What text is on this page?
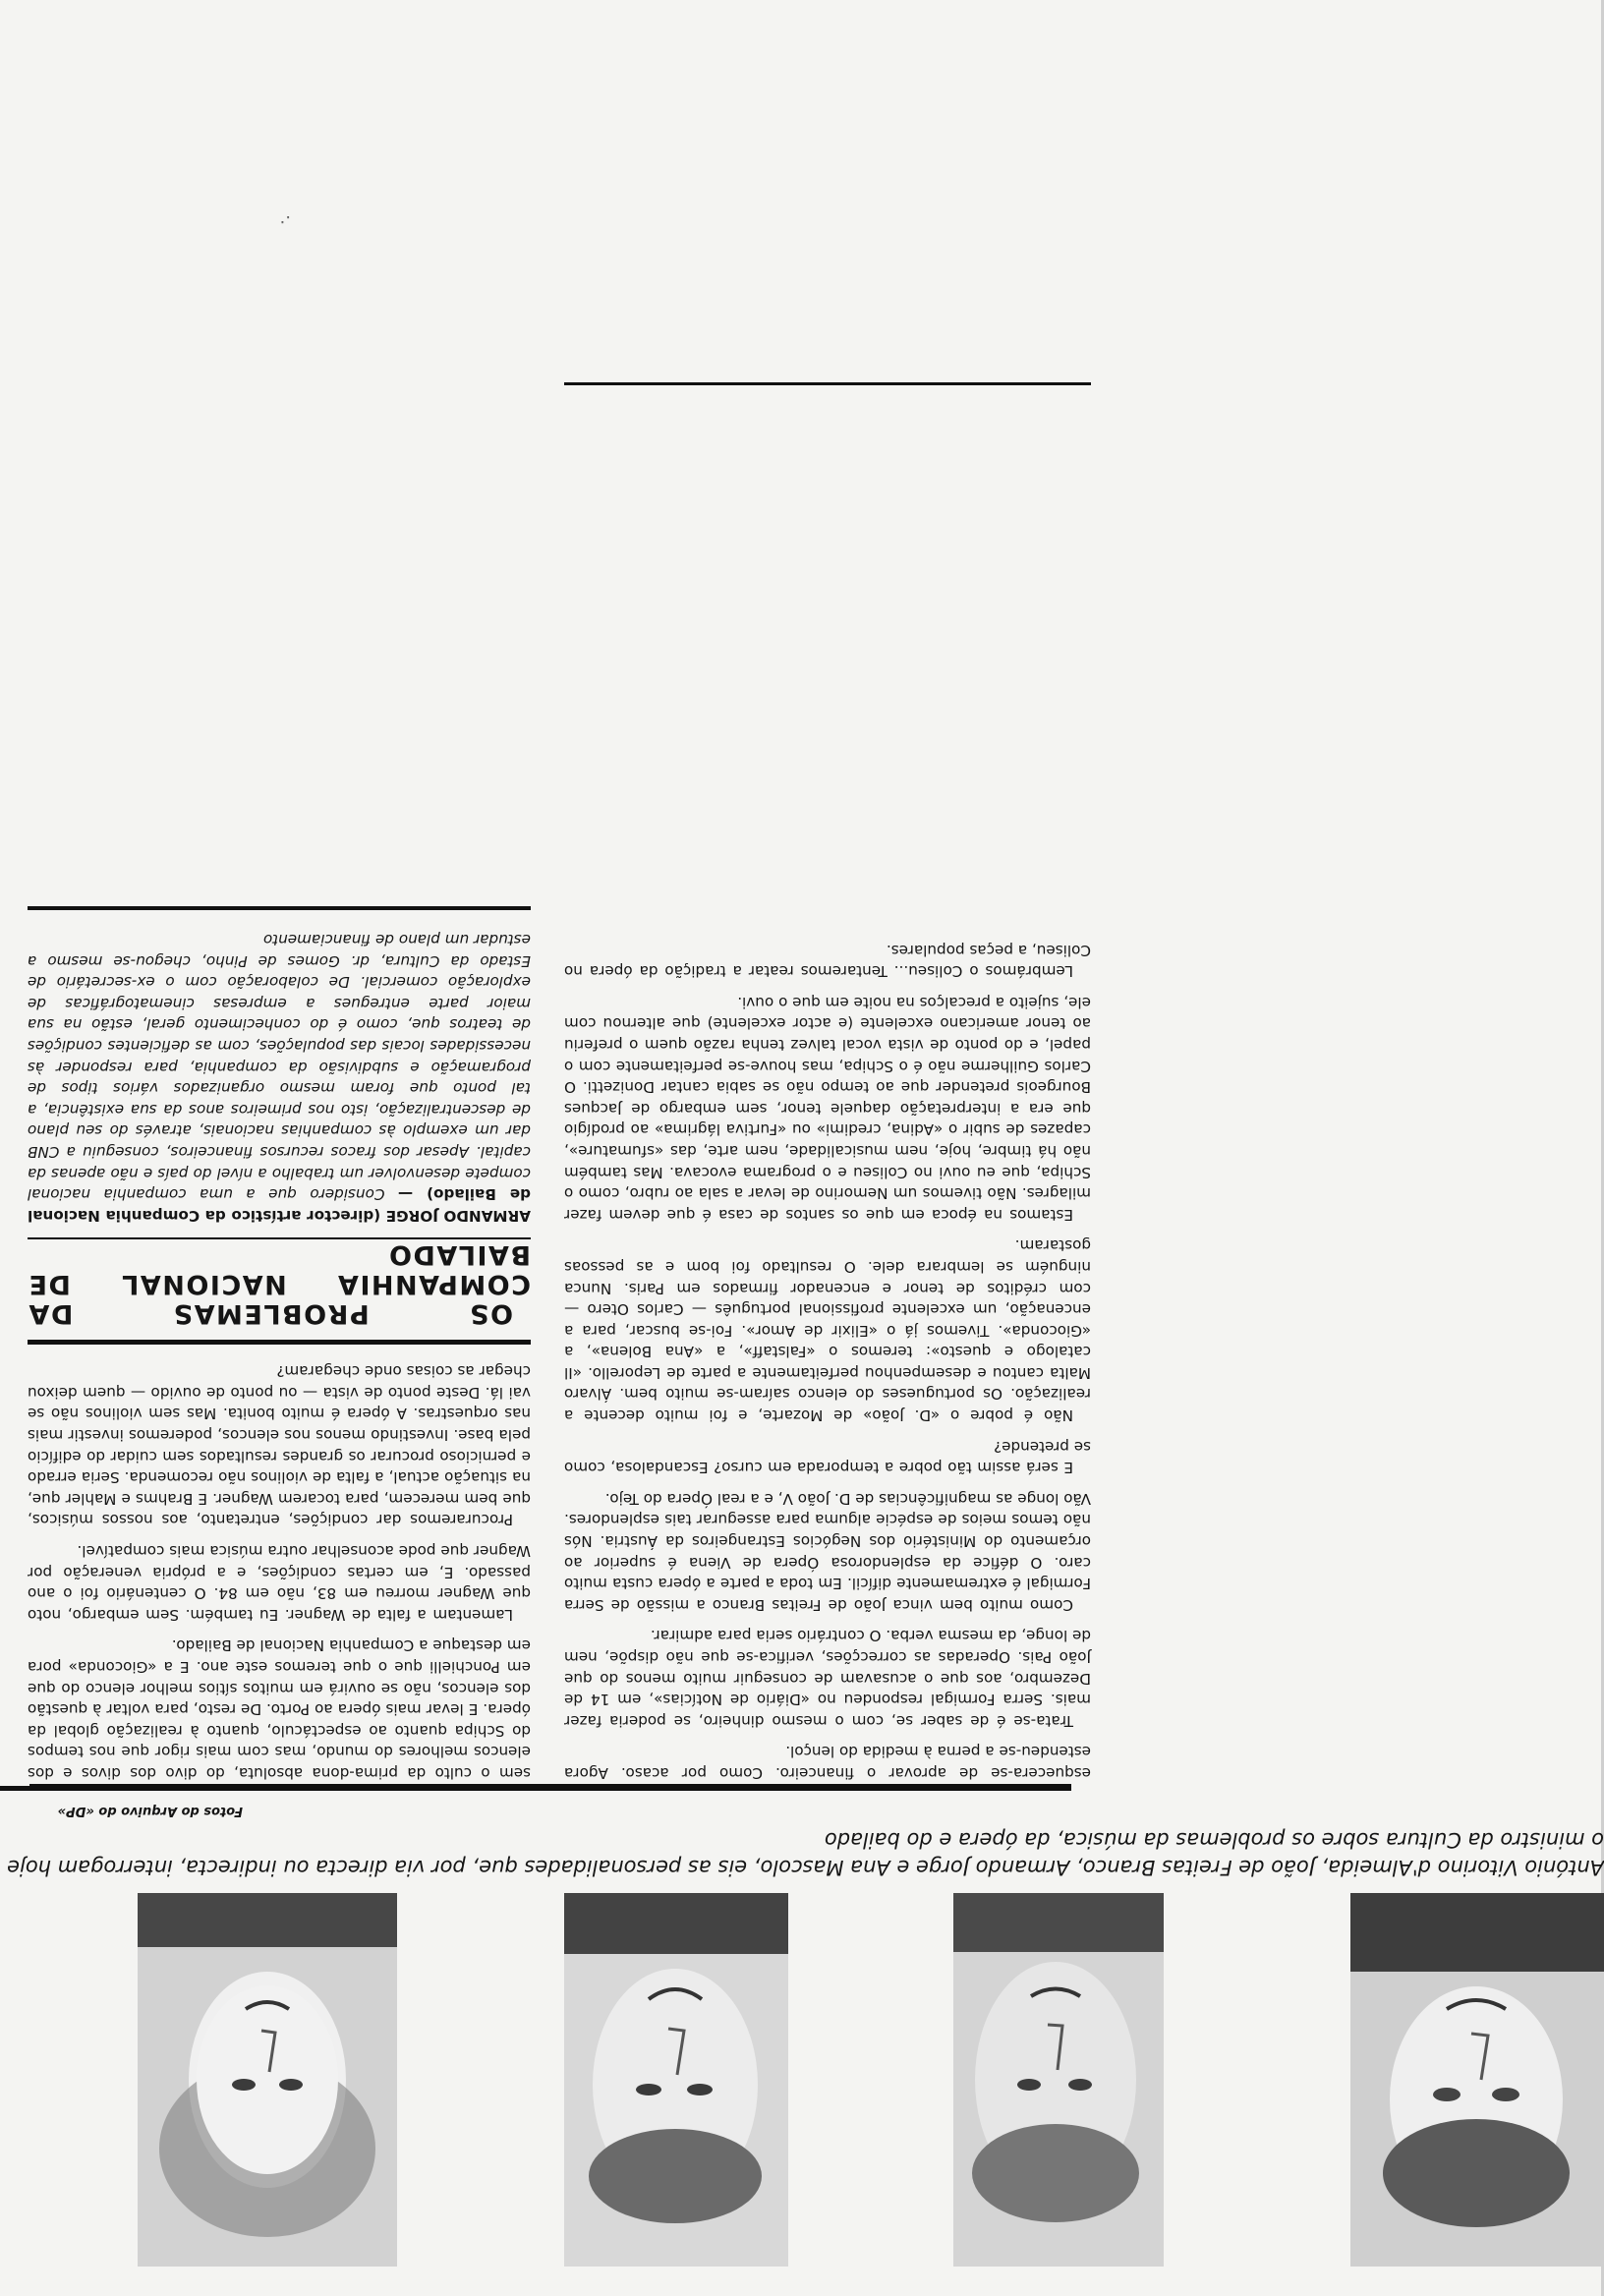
António Vitorino d'Almeida, João de Freitas Branco, Armando Jorge e Ana Mascolo, eis as personalidades que, por via directa ou indirecta, interrogam hoje o ministro da Cultura sobre os problemas da música, da ópera e do bailado

Fotos do Arquivo do «DP»

esquecera-se de aprovar o financeiro. Como por acaso. Agora estendeu-se a perna à medida do lençol.

Trata-se é de saber se, com o mesmo dinheiro, se poderia fazer mais. Serra Formigal respondeu no «Diário de Notícias», em 14 de Dezembro, aos que o acusavam de conseguir muito menos do que João Pais. Operadas as correcções, verifica-se que não dispõe, nem de longe, da mesma verba. O contrário seria para admirar.

Como muito bem vinca João de Freitas Branco a missão de Serra Formigal é extremamente difícil. Em toda a parte a ópera custa muito caro. O défice da esplendorosa Ópera de Viena é superior ao orçamento do Ministério dos Negócios Estrangeiros da Áustria. Nós não temos meios de espécie alguma para assegurar tais esplendores. Vão longe as magnificências de D. João V, e a real Ópera do Tejo.

E será assim tão pobre a temporada em curso? Escandalosa, como se pretende?

Não é pobre o «D. João» de Mozarte, e foi muito decente a realização. Os portugueses do elenco saíram-se muito bem. Álvaro Malta cantou e desempenhou perfeitamente a parte de Leporello. «Il catalogo e questo»: teremos o «Falstaff», a «Ana Bolena», a «Gioconda». Tivemos já o «Elixir de Amor». Foi-se buscar, para a encenação, um excelente profissional português — Carlos Otero — com créditos de tenor e encenador firmados em Paris. Nunca ninguém se lembrara dele. O resultado foi bom e as pessoas gostaram.

Estamos na época em que os santos de casa é que devem fazer milagres. Não tivemos um Nemorino de levar a sala ao rubro, como o Schipa, que eu ouvi no Coliseu e o programa evocava. Mas também não há timbre, hoje, nem musicalidade, nem arte, das «sfumature», capazes de subir o «Adina, credimi» ou «Furtiva lágrima» ao prodígio que era a interpretação daquele tenor, sem embargo de Jacques Bourgeois pretender que ao tempo não se sabia cantar Donizetti. O Carlos Guilherme não é o Schipa, mas houve-se perfeitamente com o papel, e do ponto de vista vocal talvez tenha razão quem o preferiu ao tenor americano excelente (e actor excelente) que alternou com ele, sujeito a precalços na noite em que o ouvi.

Lembrámos o Coliseu... Tentaremos reatar a tradição da ópera no Coliseu, a peças populares.

sem o culto da prima-dona absoluta, do divo dos divos e dos elencos melhores do mundo, mas com mais rigor que nos tempos do Schipa quanto ao espectáculo, quanto à realização global da ópera. E levar mais ópera ao Porto. De resto, para voltar à questão dos elencos, não se ouvirá em muitos sítios melhor elenco do que em Ponchielli que o que teremos este ano. E a «Gioconda» pora em destaque a Companhia Nacional de Bailado.

Lamentam a falta de Wagner. Eu também. Sem embargo, noto que Wagner morreu em 83, não em 84. O centenário foi o ano passado. E, em certas condições, e a própria veneração por Wagner que pode aconselhar outra música mais compatível.

Procuraremos dar condições, entretanto, aos nossos músicos, que bem merecem, para tocarem Wagner. E Brahms e Mahler que, na situação actual, a falta de violinos não recomenda. Seria errado e pernicioso procurar os grandes resultados sem cuidar do edifício pela base. Investindo menos nos elencos, poderemos investir mais nas orquestras. A ópera é muito bonita. Mas sem violinos não se vai lá. Deste ponto de vista — ou ponto de ouvido — quem deixou chegar as coisas onde chegaram?

OS PROBLEMAS DA COMPANHIA NACIONAL DE BAILADO

ARMANDO JORGE (director artístico da Companhia Nacional de Bailado) — Considero que a uma companhia nacional compete desenvolver um trabalho a nível do país e não apenas da capital. Apesar dos fracos recursos financeiros, conseguiu a CNB dar um exemplo às companhias nacionais, através do seu plano de descentralização, isto nos primeiros anos da sua existência, a tal ponto que foram mesmo organizados vários tipos de programação e subdivisão da companhia, para responder às necessidades locais das populações, com as deficientes condições de teatros que, como é do conhecimento geral, estão na sua maior parte entregues a empresas cinematográficas de exploração comercial. De colaboração com o ex-secretário de Estado da Cultura, dr. Gomes de Pinho, chegou-se mesmo a estudar um plano de financiamento

.·
